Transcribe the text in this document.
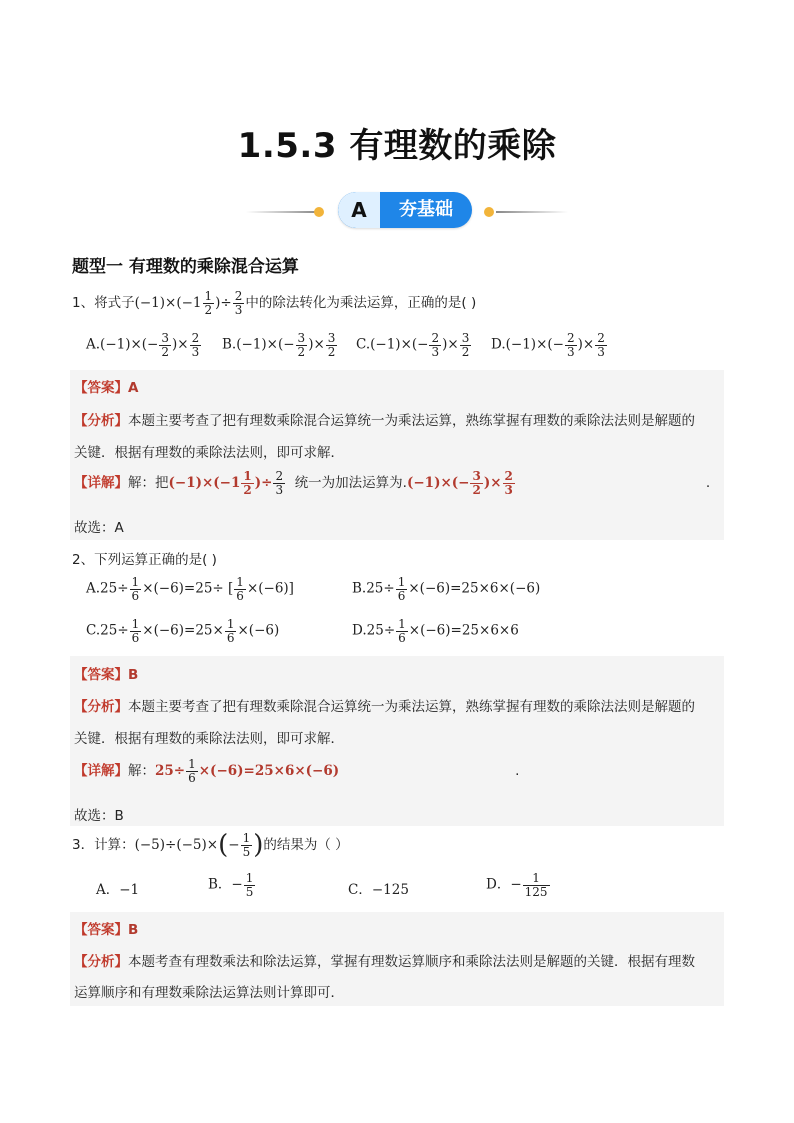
1.5.3 有理数的乘除
A	夯基础
题型一 有理数的乘除混合运算
1、将式子$(-1)\times(-1 \frac{1}{2}$ )÷ $\frac{2}{3}$ 中的除法转化为乘法运算，正确的是( )
$A.(-1)\times(- \frac{3}{2}$ )× $\frac{2}{3} B.(-1)\times(- \frac{3}{2}$ )× $\frac{3}{2} C.(-1)\times(- \frac{2}{3}$ )× $\frac{3}{2} D.(-1)\times(- \frac{2}{3}$ )× $\frac{2}{3}$
【答案】A
【分析】本题主要考查了把有理数乘除混合运算统一为乘法运算，熟练掌握有理数的乘除法法则是解题的
关键．根据有理数的乘除法法则，即可求解．
【详解】解：把$(-1)\times(-1 \frac{1}{2}$ )÷ $\frac{2}{3}$ 统一为加法运算为$.(-1)\times(- \frac{3}{2}$ )× $\frac{2}{3}$	.
故选：A
2、下列运算正确的是( )
$A.25\div \frac{1}{6} \times(-6)=25\div$ [ $\frac{1}{6} \times(-6)$]	$B.25\div \frac{1}{6} \times(-6)=25\times 6\times(-6)$
$C.25\div \frac{1}{6} \times(-6)=25\times \frac{1}{6} \times(-6)$	$D.25\div \frac{1}{6} \times(-6)=25\times 6\times 6$
【答案】B
【分析】本题主要考查了把有理数乘除混合运算统一为乘法运算，熟练掌握有理数的乘除法法则是解题的
关键．根据有理数的乘除法法则，即可求解．
【详解】解：$25\div \frac{1}{6} \times(-6)=25\times 6\times(-6)$	.
故选：B
3．计算：$(-5)\div(-5)\times(- \frac{1}{5}$ )的结果为（ ）
A．−1	B．− $\frac{1}{5}$	C．−125	D．− $\frac{1}{125}$
【答案】B
【分析】本题考查有理数乘法和除法运算，掌握有理数运算顺序和乘除法法则是解题的关键．根据有理数
运算顺序和有理数乘除法运算法则计算即可．
